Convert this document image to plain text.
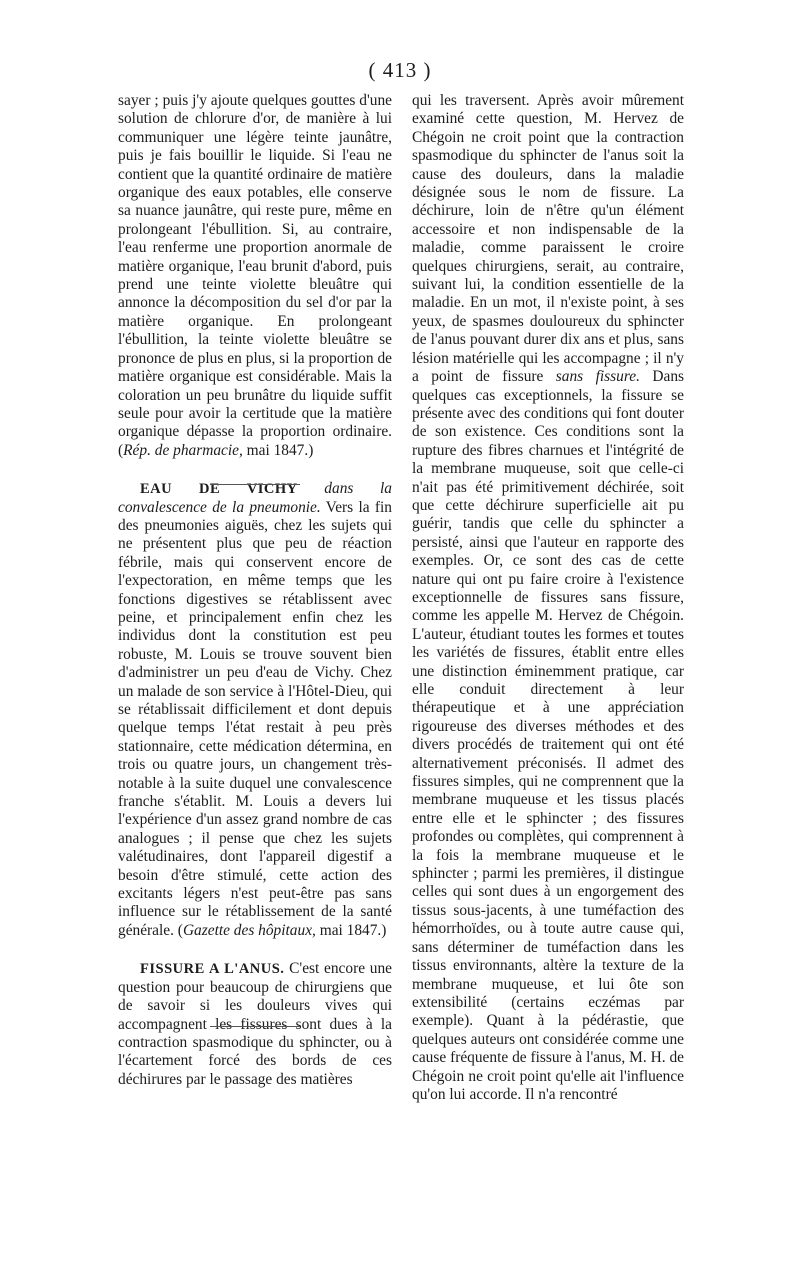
( 413 )

sayer ; puis j'y ajoute quelques gouttes d'une solution de chlorure d'or, de manière à lui communiquer une légère teinte jaunâtre, puis je fais bouillir le liquide. Si l'eau ne contient que la quantité ordinaire de matière organique des eaux potables, elle conserve sa nuance jaunâtre, qui reste pure, même en prolongeant l'ébullition. Si, au contraire, l'eau renferme une proportion anormale de matière organique, l'eau brunit d'abord, puis prend une teinte violette bleuâtre qui annonce la décomposition du sel d'or par la matière organique. En prolongeant l'ébullition, la teinte violette bleuâtre se prononce de plus en plus, si la proportion de matière organique est considérable. Mais la coloration un peu brunâtre du liquide suffit seule pour avoir la certitude que la matière organique dépasse la proportion ordinaire. (Rép. de pharmacie, mai 1847.)

EAU DE VICHY dans la convalescence de la pneumonie. Vers la fin des pneumonies aiguës, chez les sujets qui ne présentent plus que peu de réaction fébrile, mais qui conservent encore de l'expectoration, en même temps que les fonctions digestives se rétablissent avec peine, et principalement enfin chez les individus dont la constitution est peu robuste, M. Louis se trouve souvent bien d'administrer un peu d'eau de Vichy. Chez un malade de son service à l'Hôtel-Dieu, qui se rétablissait difficilement et dont depuis quelque temps l'état restait à peu près stationnaire, cette médication détermina, en trois ou quatre jours, un changement très-notable à la suite duquel une convalescence franche s'établit. M. Louis a devers lui l'expérience d'un assez grand nombre de cas analogues ; il pense que chez les sujets valétudinaires, dont l'appareil digestif a besoin d'être stimulé, cette action des excitants légers n'est peut-être pas sans influence sur le rétablissement de la santé générale. (Gazette des hôpitaux, mai 1847.)

FISSURE A L'ANUS. C'est encore une question pour beaucoup de chirurgiens que de savoir si les douleurs vives qui accompagnent les fissures sont dues à la contraction spasmodique du sphincter, ou à l'écartement forcé des bords de ces déchirures par le passage des matières

qui les traversent. Après avoir mûrement examiné cette question, M. Hervez de Chégoin ne croit point que la contraction spasmodique du sphincter de l'anus soit la cause des douleurs, dans la maladie désignée sous le nom de fissure. La déchirure, loin de n'être qu'un élément accessoire et non indispensable de la maladie, comme paraissent le croire quelques chirurgiens, serait, au contraire, suivant lui, la condition essentielle de la maladie. En un mot, il n'existe point, à ses yeux, de spasmes douloureux du sphincter de l'anus pouvant durer dix ans et plus, sans lésion matérielle qui les accompagne ; il n'y a point de fissure sans fissure. Dans quelques cas exceptionnels, la fissure se présente avec des conditions qui font douter de son existence. Ces conditions sont la rupture des fibres charnues et l'intégrité de la membrane muqueuse, soit que celle-ci n'ait pas été primitivement déchirée, soit que cette déchirure superficielle ait pu guérir, tandis que celle du sphincter a persisté, ainsi que l'auteur en rapporte des exemples. Or, ce sont des cas de cette nature qui ont pu faire croire à l'existence exceptionnelle de fissures sans fissure, comme les appelle M. Hervez de Chégoin. L'auteur, étudiant toutes les formes et toutes les variétés de fissures, établit entre elles une distinction éminemment pratique, car elle conduit directement à leur thérapeutique et à une appréciation rigoureuse des diverses méthodes et des divers procédés de traitement qui ont été alternativement préconisés. Il admet des fissures simples, qui ne comprennent que la membrane muqueuse et les tissus placés entre elle et le sphincter ; des fissures profondes ou complètes, qui comprennent à la fois la membrane muqueuse et le sphincter ; parmi les premières, il distingue celles qui sont dues à un engorgement des tissus sous-jacents, à une tuméfaction des hémorrhoïdes, ou à toute autre cause qui, sans déterminer de tuméfaction dans les tissus environnants, altère la texture de la membrane muqueuse, et lui ôte son extensibilité (certains eczémas par exemple). Quant à la pédérastie, que quelques auteurs ont considérée comme une cause fréquente de fissure à l'anus, M. H. de Chégoin ne croit point qu'elle ait l'influence qu'on lui accorde. Il n'a rencontré
